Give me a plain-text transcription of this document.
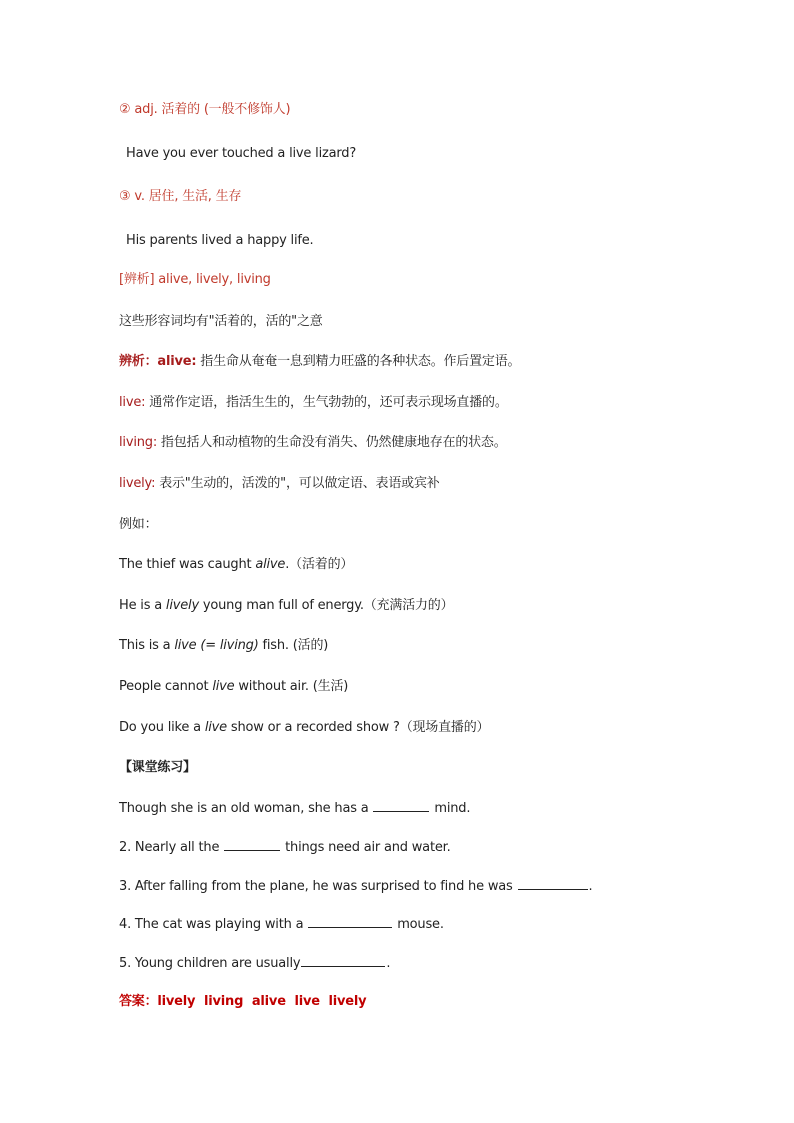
② adj. 活着的 (一般不修饰人)
Have you ever touched a live lizard?
③ v. 居住, 生活, 生存
His parents lived a happy life.
[辨析] alive, lively, living
这些形容词均有"活着的，活的"之意
辨析：alive: 指生命从奄奄一息到精力旺盛的各种状态。作后置定语。
live: 通常作定语，指活生生的，生气勃勃的，还可表示现场直播的。
living: 指包括人和动植物的生命没有消失、仍然健康地存在的状态。
lively: 表示"生动的，活泼的"，可以做定语、表语或宾补
例如：
The thief was caught alive.（活着的）
He is a lively young man full of energy.（充满活力的）
This is a live (= living) fish. (活的)
People cannot live without air. (生活)
Do you like a live show or a recorded show ?（现场直播的）
【课堂练习】
Though she is an old woman, she has a	mind.
2. Nearly all the	things need air and water.
3. After falling from the plane, he was surprised to find he was	.
4. The cat was playing with a	mouse.
5. Young children are usually	.
答案：lively  living  alive  live  lively
